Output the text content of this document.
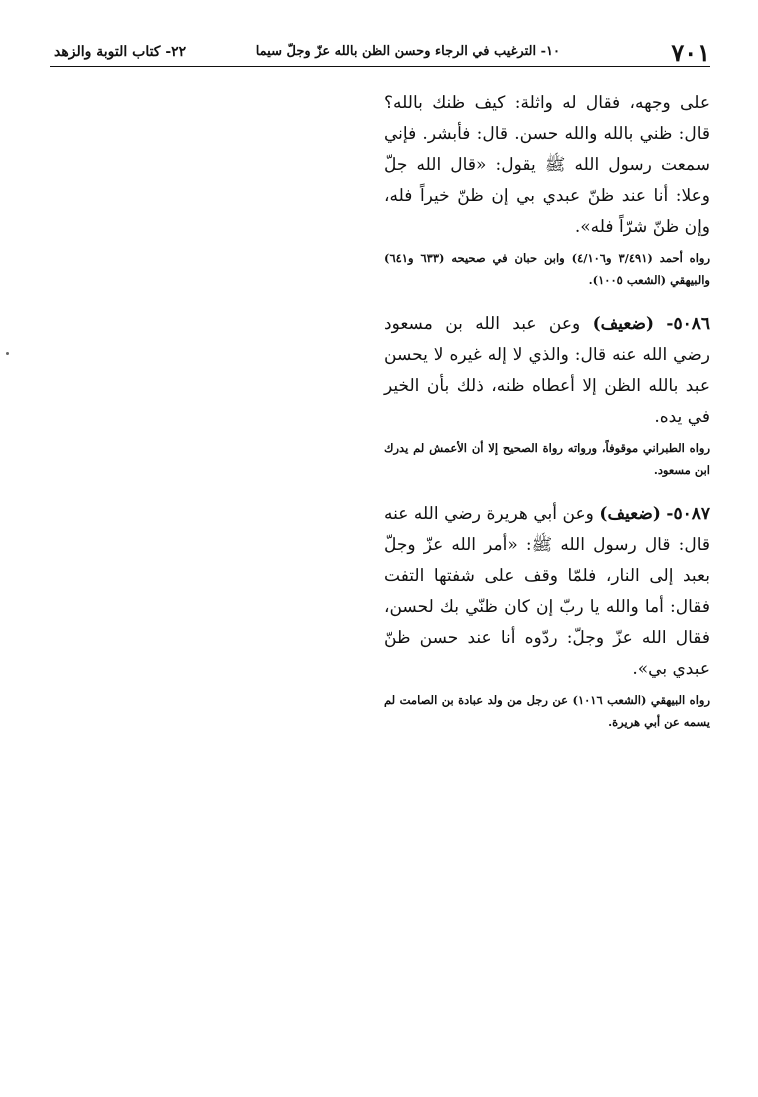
٧٠١
١٠- الترغيب في الرجاء وحسن الظن بالله عزّ وجلّ سيما
٢٢- كتاب التوبة والزهد

على وجهه، فقال له واثلة: كيف ظنك بالله؟ قال: ظني بالله والله حسن. قال: فأبشر. فإني سمعت رسول الله ﷺ يقول: «قال الله جلّ وعلا: أنا عند ظنّ عبدي بي إن ظنّ خيراً فله، وإن ظنّ شرّاً فله».

رواه أحمد (٣/٤٩١ و٤/١٠٦) وابن حبان في صحيحه (٦٣٣ و٦٤١) والبيهقي (الشعب ١٠٠٥).

٥٠٨٦- (ضعيف) وعن عبد الله بن مسعود رضي الله عنه قال: والذي لا إله غيره لا يحسن عبد بالله الظن إلا أعطاه ظنه، ذلك بأن الخير في يده.

رواه الطبراني موقوفاً، ورواته رواة الصحيح إلا أن الأعمش لم يدرك ابن مسعود.

٥٠٨٧- (ضعيف) وعن أبي هريرة رضي الله عنه قال: قال رسول الله ﷺ: «أمر الله عزّ وجلّ بعبد إلى النار، فلمّا وقف على شفتها التفت فقال: أما والله يا ربّ إن كان ظنّي بك لحسن، فقال الله عزّ وجلّ: ردّوه أنا عند حسن ظنّ عبدي بي».

رواه البيهقي (الشعب ١٠١٦) عن رجل من ولد عبادة بن الصامت لم يسمه عن أبي هريرة.
